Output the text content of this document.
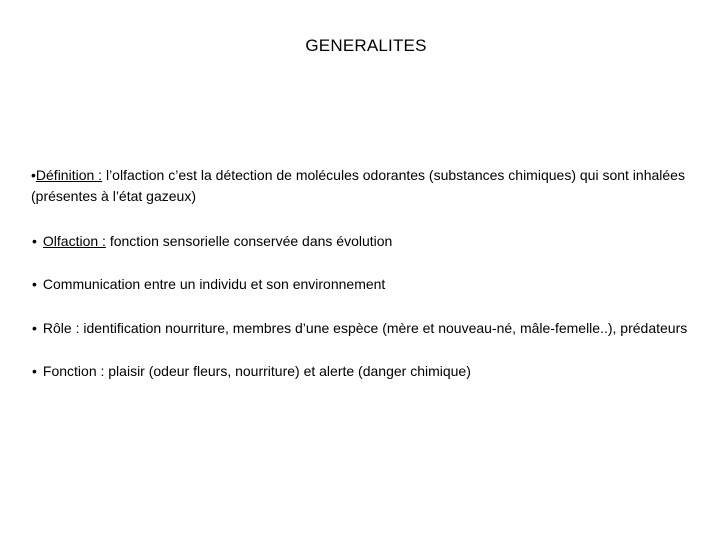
GENERALITES

•Définition : l’olfaction c’est la détection de molécules odorantes (substances chimiques) qui sont inhalées (présentes à l’état gazeux)

• Olfaction : fonction sensorielle conservée dans évolution

• Communication entre un individu et son environnement

• Rôle : identification nourriture, membres d’une espèce (mère et nouveau-né, mâle-femelle..), prédateurs

• Fonction : plaisir (odeur fleurs, nourriture) et alerte (danger chimique)
